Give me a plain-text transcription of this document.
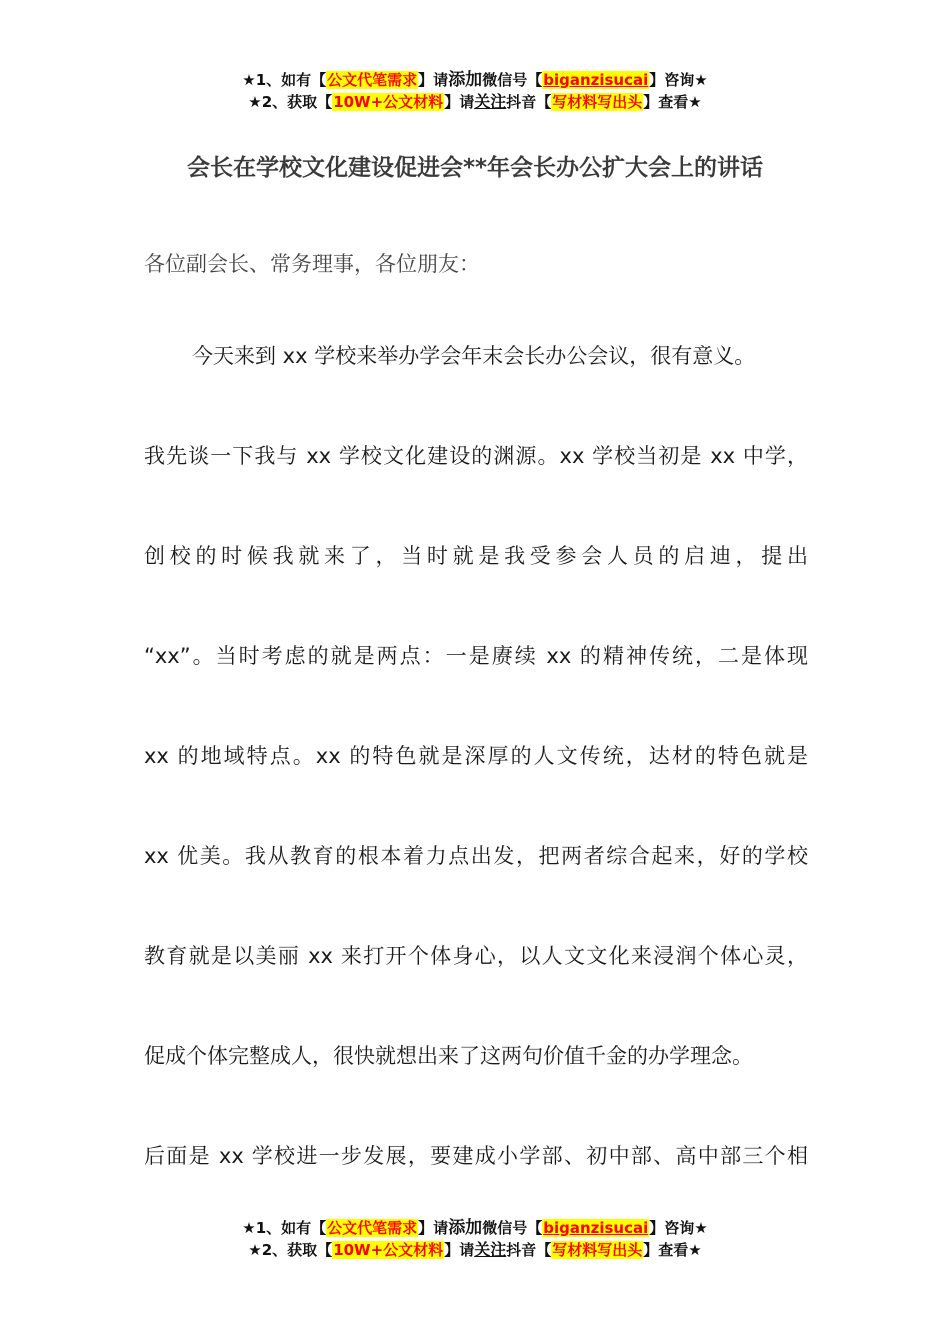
★1、如有【公文代笔需求】请添加微信号【biganzisucai】咨询★
★2、获取【10W+公文材料】请关注抖音【写材料写出头】查看★
会长在学校文化建设促进会**年会长办公扩大会上的讲话
各位副会长、常务理事，各位朋友：
今天来到 xx 学校来举办学会年末会长办公会议，很有意义。
我先谈一下我与 xx 学校文化建设的渊源。xx 学校当初是 xx 中学，
创校的时候我就来了，当时就是我受参会人员的启迪，提出
“xx”。当时考虑的就是两点：一是赓续 xx 的精神传统，二是体现
xx 的地域特点。xx 的特色就是深厚的人文传统，达材的特色就是
xx 优美。我从教育的根本着力点出发，把两者综合起来，好的学校
教育就是以美丽 xx 来打开个体身心，以人文文化来浸润个体心灵，
促成个体完整成人，很快就想出来了这两句价值千金的办学理念。
后面是 xx 学校进一步发展，要建成小学部、初中部、高中部三个相
★1、如有【公文代笔需求】请添加微信号【biganzisucai】咨询★
★2、获取【10W+公文材料】请关注抖音【写材料写出头】查看★
